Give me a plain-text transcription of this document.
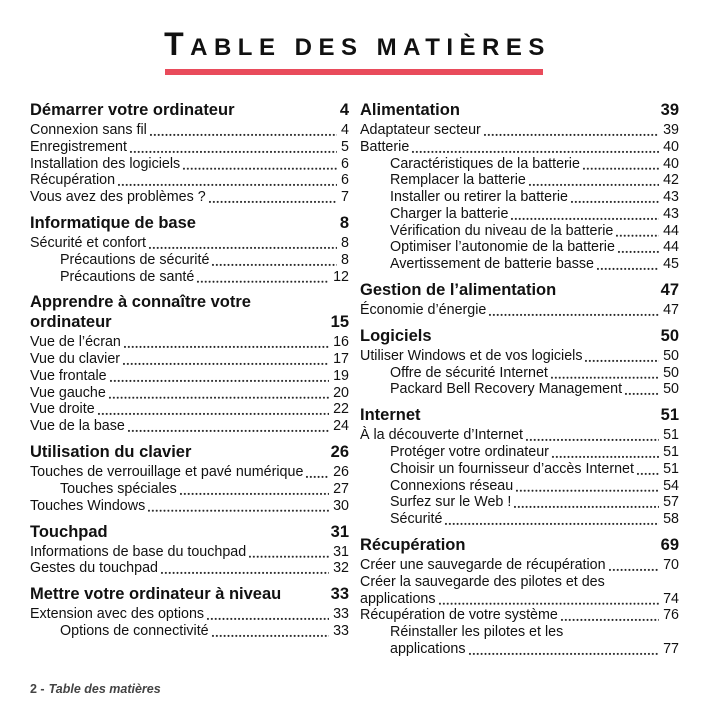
TABLE DES MATIÈRES
Démarrer votre ordinateur	4
Connexion sans fil	4
Enregistrement	5
Installation des logiciels	6
Récupération	6
Vous avez des problèmes ?	7
Informatique de base	8
Sécurité et confort	8
Précautions de sécurité	8
Précautions de santé	12
Apprendre à connaître votre
ordinateur	15
Vue de l’écran	16
Vue du clavier	17
Vue frontale	19
Vue gauche	20
Vue droite	22
Vue de la base	24
Utilisation du clavier	26
Touches de verrouillage et pavé numérique 26
Touches spéciales	27
Touches Windows	30
Touchpad	31
Informations de base du touchpad	31
Gestes du touchpad	32
Mettre votre ordinateur à niveau	33
Extension avec des options	33
Options de connectivité	33
Alimentation	39
Adaptateur secteur	39
Batterie	40
Caractéristiques de la batterie	40
Remplacer la batterie	42
Installer ou retirer la batterie	43
Charger la batterie	43
Vérification du niveau de la batterie	44
Optimiser l’autonomie de la batterie	44
Avertissement de batterie basse	45
Gestion de l’alimentation	47
Économie d’énergie	47
Logiciels	50
Utiliser Windows et de vos logiciels	50
Offre de sécurité Internet	50
Packard Bell Recovery Management	50
Internet	51
À la découverte d’Internet	51
Protéger votre ordinateur	51
Choisir un fournisseur d’accès Internet 51
Connexions réseau	54
Surfez sur le Web !	57
Sécurité	58
Récupération	69
Créer une sauvegarde de récupération	70
Créer la sauvegarde des pilotes et des
applications	74
Récupération de votre système	76
Réinstaller les pilotes et les
applications	77
2 - Table des matières
